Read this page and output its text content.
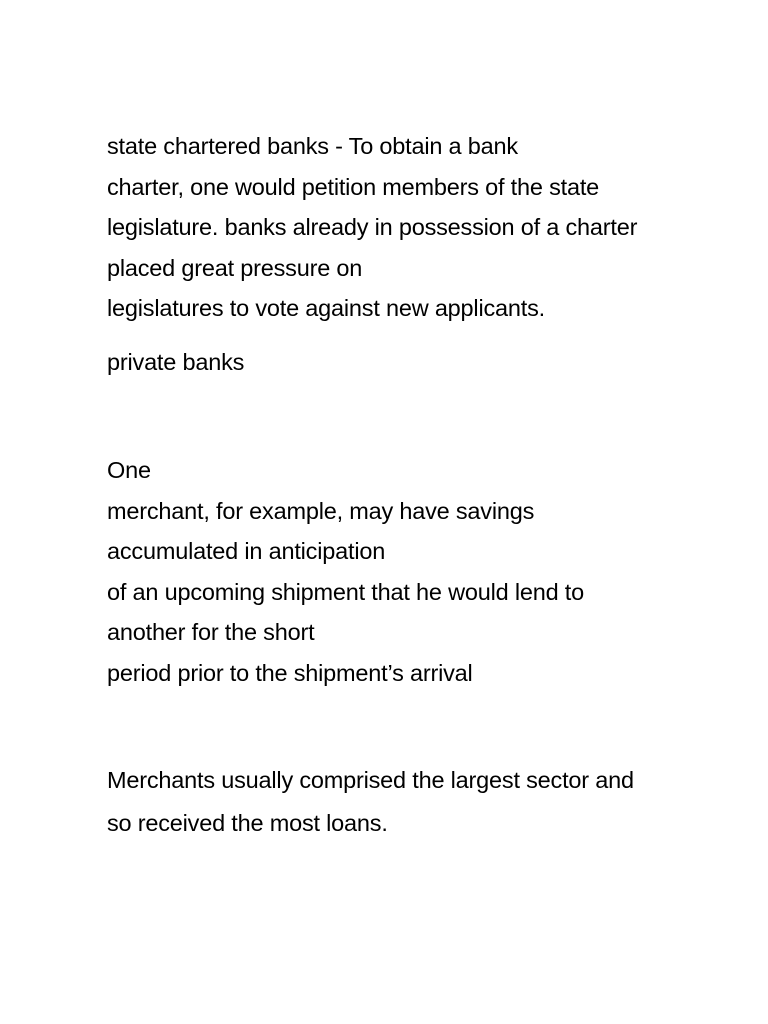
state chartered banks - To obtain a bank
charter, one would petition members of the state
legislature. banks already in possession of a charter
placed great pressure on
legislatures to vote against new applicants.
private banks
One
merchant, for example, may have savings
accumulated in anticipation
of an upcoming shipment that he would lend to
another for the short
period prior to the shipment’s arrival
Merchants usually comprised the largest sector and
so received the most loans.
